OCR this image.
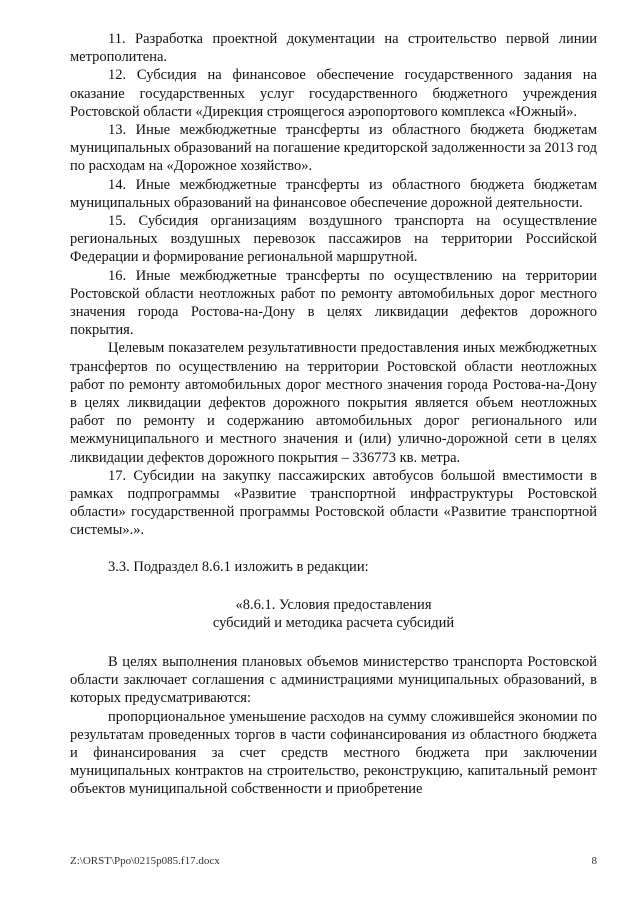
11. Разработка проектной документации на строительство первой линии метрополитена.

12. Субсидия на финансовое обеспечение государственного задания на оказание государственных услуг государственного бюджетного учреждения Ростовской области «Дирекция строящегося аэропортового комплекса «Южный».

13. Иные межбюджетные трансферты из областного бюджета бюджетам муниципальных образований на погашение кредиторской задолженности за 2013 год по расходам на «Дорожное хозяйство».

14. Иные межбюджетные трансферты из областного бюджета бюджетам муниципальных образований на финансовое обеспечение дорожной деятельности.

15. Субсидия организациям воздушного транспорта на осуществление региональных воздушных перевозок пассажиров на территории Российской Федерации и формирование региональной маршрутной.

16. Иные межбюджетные трансферты по осуществлению на территории Ростовской области неотложных работ по ремонту автомобильных дорог местного значения города Ростова-на-Дону в целях ликвидации дефектов дорожного покрытия.

Целевым показателем результативности предоставления иных межбюджетных трансфертов по осуществлению на территории Ростовской области неотложных работ по ремонту автомобильных дорог местного значения города Ростова-на-Дону в целях ликвидации дефектов дорожного покрытия является объем неотложных работ по ремонту и содержанию автомобильных дорог регионального или межмуниципального и местного значения и (или) улично-дорожной сети в целях ликвидации дефектов дорожного покрытия – 336773 кв. метра.

17. Субсидии на закупку пассажирских автобусов большой вместимости в рамках подпрограммы «Развитие транспортной инфраструктуры Ростовской области» государственной программы Ростовской области «Развитие транспортной системы».».

3.3. Подраздел 8.6.1 изложить в редакции:

«8.6.1. Условия предоставления
субсидий и методика расчета субсидий

В целях выполнения плановых объемов министерство транспорта Ростовской области заключает соглашения с администрациями муниципальных образований, в которых предусматриваются:

пропорциональное уменьшение расходов на сумму сложившейся экономии по результатам проведенных торгов в части софинансирования из областного бюджета и финансирования за счет средств местного бюджета при заключении муниципальных контрактов на строительство, реконструкцию, капитальный ремонт объектов муниципальной собственности и приобретение

Z:\ORST\Ppo\0215p085.f17.docx	8
